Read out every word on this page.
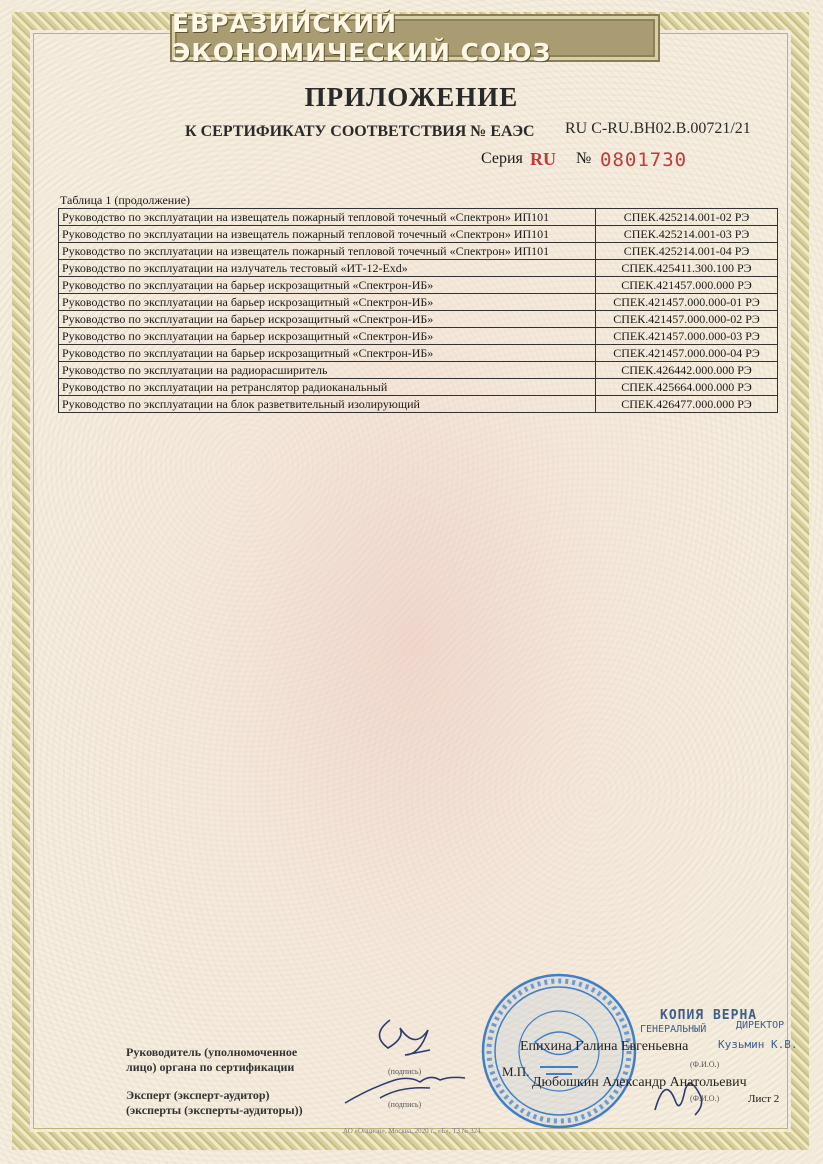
ЕВРАЗИЙСКИЙ ЭКОНОМИЧЕСКИЙ СОЮЗ
ПРИЛОЖЕНИЕ
К СЕРТИФИКАТУ СООТВЕТСТВИЯ № ЕАЭС RU C-RU.ВН02.В.00721/21
Серия RU № 0801730
Таблица 1 (продолжение)
Руководство по эксплуатации на извещатель пожарный тепловой точечный «Спектрон» ИП101	СПЕК.425214.001-02 РЭ
Руководство по эксплуатации на извещатель пожарный тепловой точечный «Спектрон» ИП101	СПЕК.425214.001-03 РЭ
Руководство по эксплуатации на извещатель пожарный тепловой точечный «Спектрон» ИП101	СПЕК.425214.001-04 РЭ
Руководство по эксплуатации на излучатель тестовый «ИТ-12-Exd»	СПЕК.425411.300.100 РЭ
Руководство по эксплуатации на барьер искрозащитный «Спектрон-ИБ»	СПЕК.421457.000.000 РЭ
Руководство по эксплуатации на барьер искрозащитный «Спектрон-ИБ»	СПЕК.421457.000.000-01 РЭ
Руководство по эксплуатации на барьер искрозащитный «Спектрон-ИБ»	СПЕК.421457.000.000-02 РЭ
Руководство по эксплуатации на барьер искрозащитный «Спектрон-ИБ»	СПЕК.421457.000.000-03 РЭ
Руководство по эксплуатации на барьер искрозащитный «Спектрон-ИБ»	СПЕК.421457.000.000-04 РЭ
Руководство по эксплуатации на радиорасширитель	СПЕК.426442.000.000 РЭ
Руководство по эксплуатации на ретранслятор радиоканальный	СПЕК.425664.000.000 РЭ
Руководство по эксплуатации на блок разветвительный изолирующий	СПЕК.426477.000.000 РЭ
Руководитель (уполномоченное
лицо) органа по сертификации
Эксперт (эксперт-аудитор)
(эксперты (эксперты-аудиторы))
(подпись)
(подпись)
(Ф.И.О.)
(Ф.И.О.)
Епихина Галина Евгеньевна
М.П.
Дюбошкин Александр Анатольевич
КОПИЯ ВЕРНА
ГЕНЕРАЛЬНЫЙ	ДИРЕКТОР
Кузьмин К.В.
Лист 2
АО «Опцион», Москва, 2020 г., «Б», ТЗ № 324.
